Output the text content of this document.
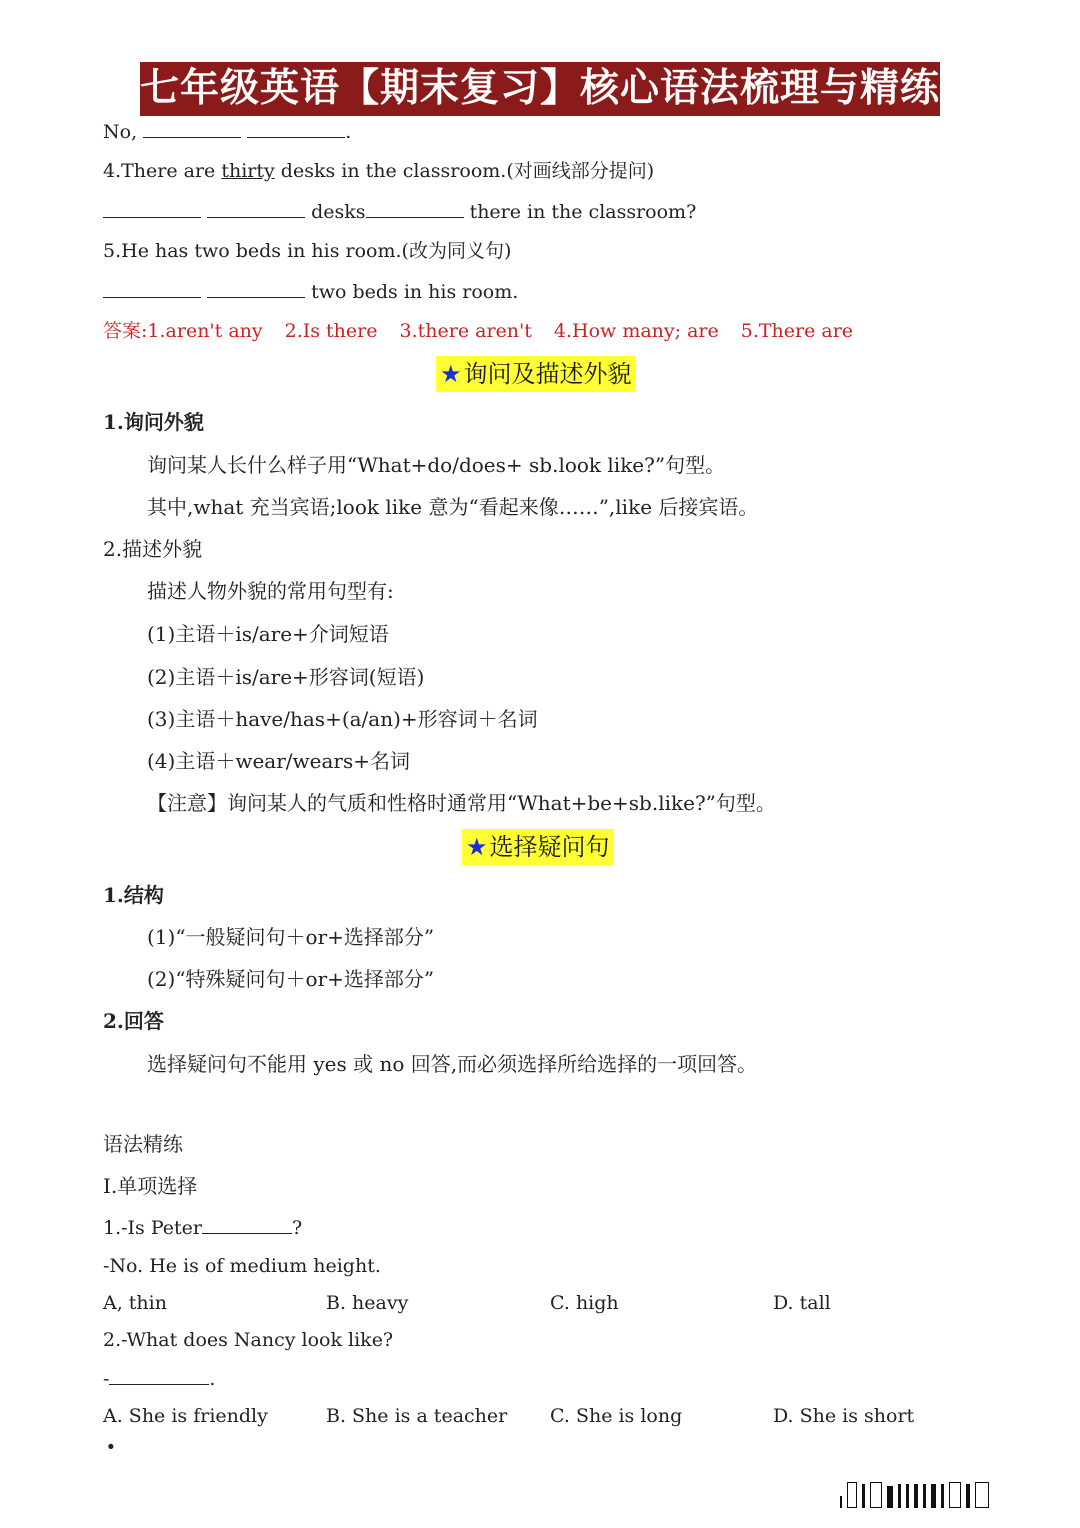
七年级英语【期末复习】核心语法梳理与精练
No,	.
4.There are thirty desks in the classroom.(对画线部分提问)
desks	there in the classroom?
5.He has two beds in his room.(改为同义句)
two beds in his room.
答案:1.aren't any 2.Is there 3.there aren't 4.How many; are 5.There are
★询问及描述外貌
1.询问外貌
询问某人长什么样子用“What+do/does+ sb.look like?”句型。
其中,what 充当宾语;look like 意为“看起来像……”,like 后接宾语。
2.描述外貌
描述人物外貌的常用句型有:
(1)主语＋is/are+介词短语
(2)主语＋is/are+形容词(短语)
(3)主语＋have/has+(a/an)+形容词＋名词
(4)主语＋wear/wears+名词
【注意】询问某人的气质和性格时通常用“What+be+sb.like?”句型。
★选择疑问句
1.结构
(1)“一般疑问句＋or+选择部分”
(2)“特殊疑问句＋or+选择部分”
2.回答
选择疑问句不能用 yes 或 no 回答,而必须选择所给选择的一项回答。
语法精练
I.单项选择
1.-Is Peter	?
-No. He is of medium height.
A, thin	B. heavy	C. high	D. tall
2.-What does Nancy look like?
-	.
A. She is friendly	B. She is a teacher C. She is long	D. She is short
·
